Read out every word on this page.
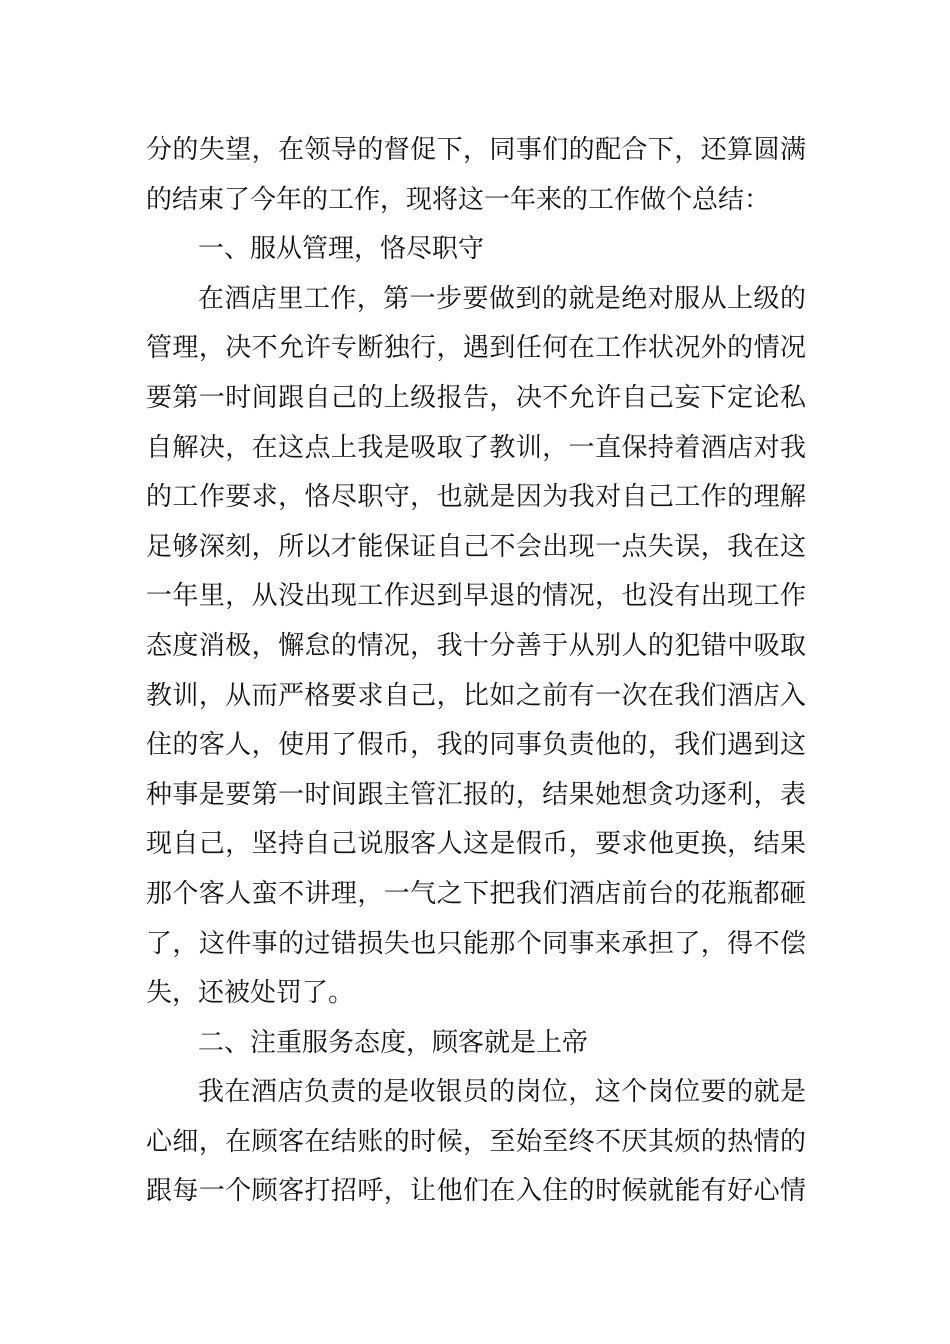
分的失望，在领导的督促下，同事们的配合下，还算圆满
的结束了今年的工作，现将这一年来的工作做个总结：
一、服从管理，恪尽职守
在酒店里工作，第一步要做到的就是绝对服从上级的
管理，决不允许专断独行，遇到任何在工作状况外的情况
要第一时间跟自己的上级报告，决不允许自己妄下定论私
自解决，在这点上我是吸取了教训，一直保持着酒店对我
的工作要求，恪尽职守，也就是因为我对自己工作的理解
足够深刻，所以才能保证自己不会出现一点失误，我在这
一年里，从没出现工作迟到早退的情况，也没有出现工作
态度消极，懈怠的情况，我十分善于从别人的犯错中吸取
教训，从而严格要求自己，比如之前有一次在我们酒店入
住的客人，使用了假币，我的同事负责他的，我们遇到这
种事是要第一时间跟主管汇报的，结果她想贪功逐利，表
现自己，坚持自己说服客人这是假币，要求他更换，结果
那个客人蛮不讲理，一气之下把我们酒店前台的花瓶都砸
了，这件事的过错损失也只能那个同事来承担了，得不偿
失，还被处罚了。
二、注重服务态度，顾客就是上帝
我在酒店负责的是收银员的岗位，这个岗位要的就是
心细，在顾客在结账的时候，至始至终不厌其烦的热情的
跟每一个顾客打招呼，让他们在入住的时候就能有好心情
